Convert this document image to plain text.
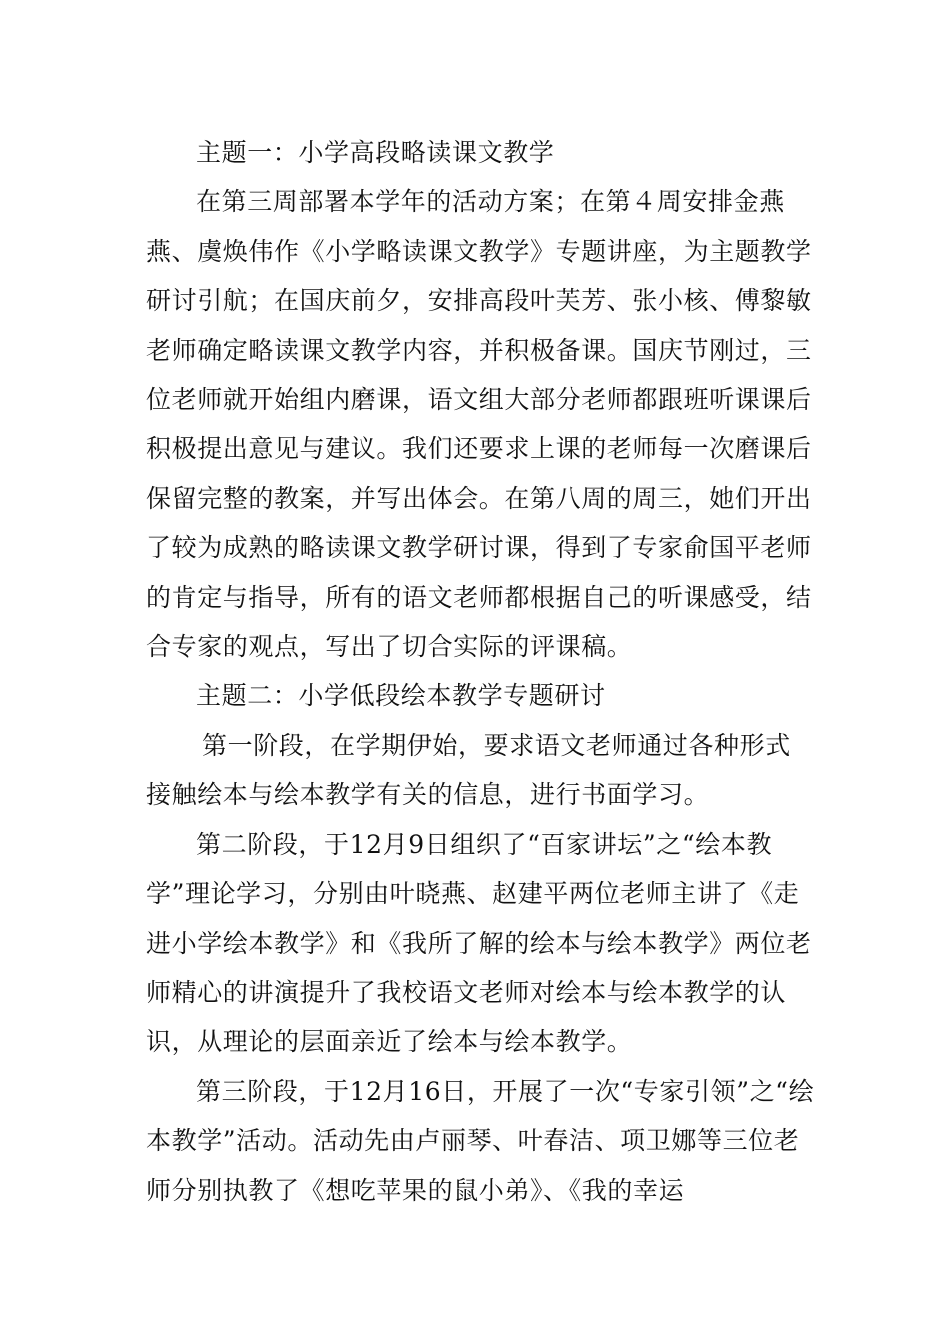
主题一：小学高段略读课文教学

在第三周部署本学年的活动方案；在第４周安排金燕燕、虞焕伟作《小学略读课文教学》专题讲座，为主题教学研讨引航；在国庆前夕，安排高段叶芙芳、张小核、傅黎敏老师确定略读课文教学内容，并积极备课。国庆节刚过，三位老师就开始组内磨课，语文组大部分老师都跟班听课课后积极提出意见与建议。我们还要求上课的老师每一次磨课后保留完整的教案，并写出体会。在第八周的周三，她们开出了较为成熟的略读课文教学研讨课，得到了专家俞国平老师的肯定与指导，所有的语文老师都根据自己的听课感受，结合专家的观点，写出了切合实际的评课稿。

主题二：小学低段绘本教学专题研讨

第一阶段，在学期伊始，要求语文老师通过各种形式接触绘本与绘本教学有关的信息，进行书面学习。

第二阶段，于12月9日组织了“百家讲坛”之“绘本教学”理论学习，分别由叶晓燕、赵建平两位老师主讲了《走进小学绘本教学》和《我所了解的绘本与绘本教学》两位老师精心的讲演提升了我校语文老师对绘本与绘本教学的认识，从理论的层面亲近了绘本与绘本教学。

第三阶段，于12月16日，开展了一次“专家引领”之“绘本教学”活动。活动先由卢丽琴、叶春洁、项卫娜等三位老师分别执教了《想吃苹果的鼠小弟》、《我的幸运
